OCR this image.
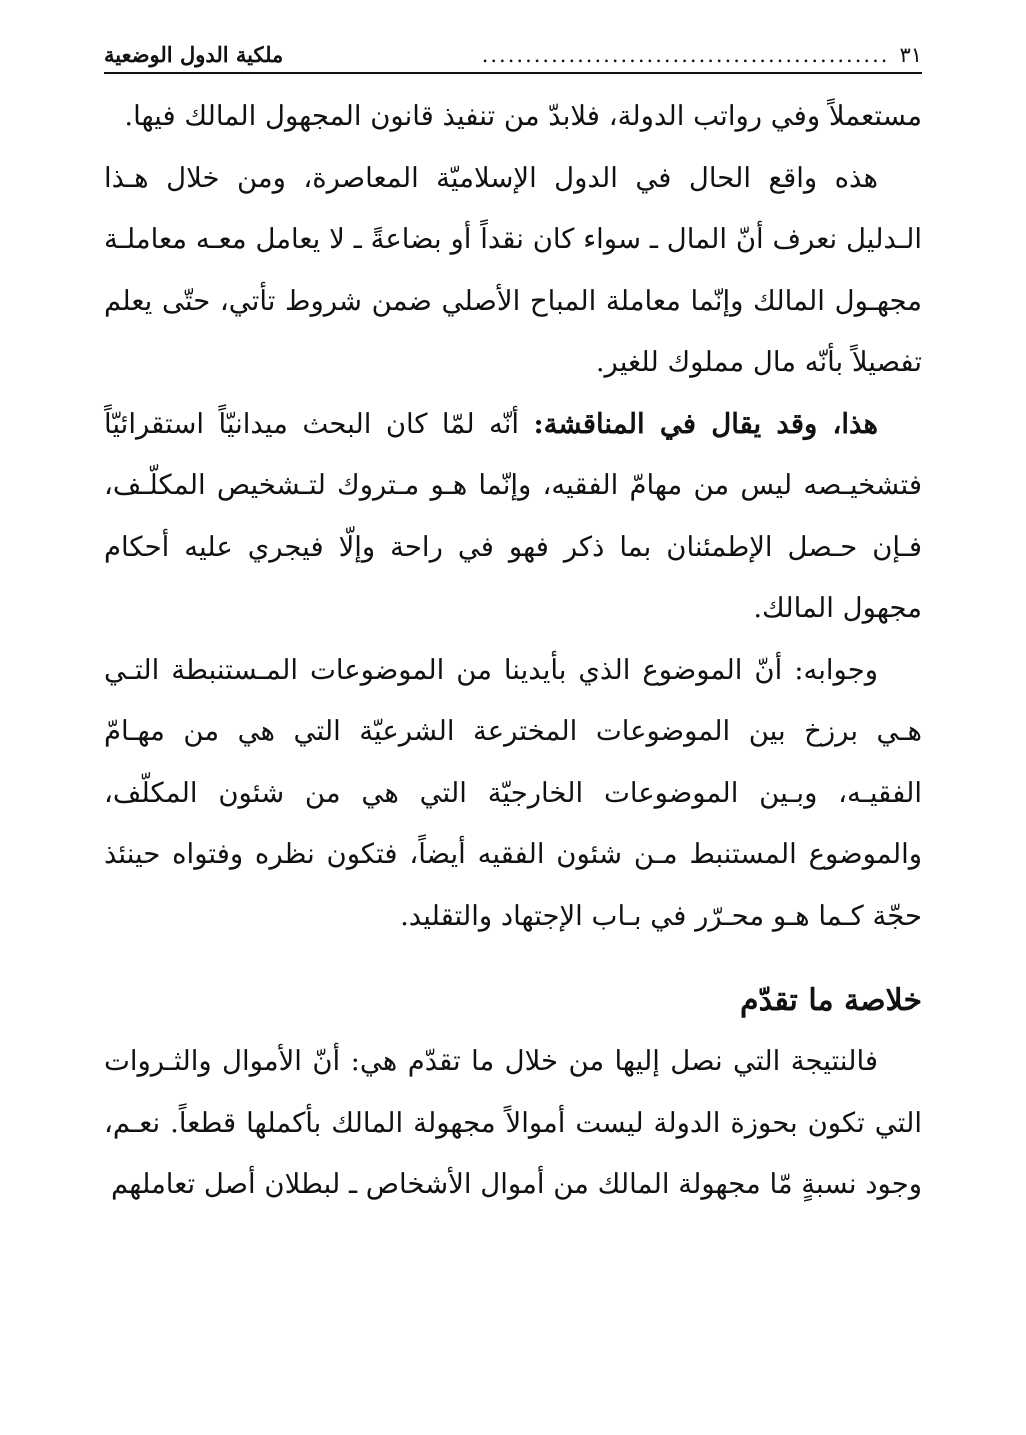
٣١
...............................................
ملكية الدول الوضعية

مستعملاً وفي رواتب الدولة، فلابدّ من تنفيذ قانون المجهول المالك فيها.

هذه واقع الحال في الدول الإسلاميّة المعاصرة، ومن خلال هـذا الـدليل نعرف أنّ المال ـ سواء كان نقداً أو بضاعةً ـ لا يعامل معـه معاملـة مجهـول المالك وإنّما معاملة المباح الأصلي ضمن شروط تأتي، حتّى يعلم تفصيلاً بأنّه مال مملوك للغير.

هذا، وقد يقال في المناقشة: أنّه لمّا كان البحث ميدانيّاً استقرائيّاً فتشخيـصه ليس من مهامّ الفقيه، وإنّما هـو مـتروك لتـشخيص المكلّـف، فـإن حـصل الإطمئنان بما ذكر فهو في راحة وإلّا فيجري عليه أحكام مجهول المالك.

وجوابه: أنّ الموضوع الذي بأيدينا من الموضوعات المـستنبطة التـي هـي برزخ بين الموضوعات المخترعة الشرعيّة التي هي من مهـامّ الفقيـه، وبـين الموضوعات الخارجيّة التي هي من شئون المكلّف، والموضوع المستنبط مـن شئون الفقيه أيضاً، فتكون نظره وفتواه حينئذ حجّة كـما هـو محـرّر في بـاب الإجتهاد والتقليد.

خلاصة ما تقدّم

فالنتيجة التي نصل إليها من خلال ما تقدّم هي: أنّ الأموال والثـروات التي تكون بحوزة الدولة ليست أموالاً مجهولة المالك بأكملها قطعاً. نعـم، وجود نسبةٍ مّا مجهولة المالك من أموال الأشخاص ـ لبطلان أصل تعاملهم
